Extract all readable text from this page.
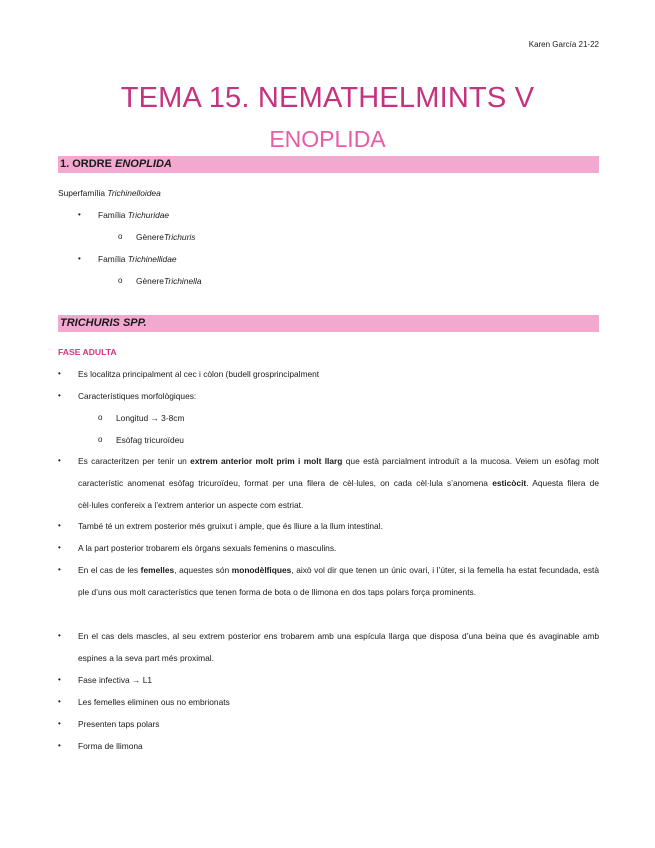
Karen García 21-22
TEMA 15. NEMATHELMINTS V
ENOPLIDA
1. ORDRE ENOPLIDA
Superfamília Trichinelloidea
• Família Trichuridae
o GènereTrichuris
• Família Trichinellidae
o GènereTrichinella
TRICHURIS SPP.
FASE ADULTA
• Es localitza principalment al cec i còlon (budell grosprincipalment
• Característiques morfològiques:
o Longitud → 3-8cm
o Esòfag tricuroïdeu
• Es caracteritzen per tenir un extrem anterior molt prim i molt llarg que està parcialment introduït a la mucosa. Veiem un esòfag molt característic anomenat esòfag tricuroïdeu, format per una filera de cèl·lules, on cada cèl·lula s’anomena esticòcit. Aquesta filera de cèl·lules confereix a l’extrem anterior un aspecte com estriat.
• També té un extrem posterior més gruixut i ample, que és lliure a la llum intestinal.
• A la part posterior trobarem els òrgans sexuals femenins o masculins.
• En el cas de les femelles, aquestes són monodèlfiques, això vol dir que tenen un únic ovari, i l’úter, si la femella ha estat fecundada, està ple d’uns ous molt característics que tenen forma de bota o de llimona en dos taps polars força prominents.
• En el cas dels mascles, al seu extrem posterior ens trobarem amb una espícula llarga que disposa d’una beina que és avaginable amb espines a la seva part més proximal.
• Fase infectiva → L1
• Les femelles eliminen ous no embrionats
• Presenten taps polars
• Forma de llimona
